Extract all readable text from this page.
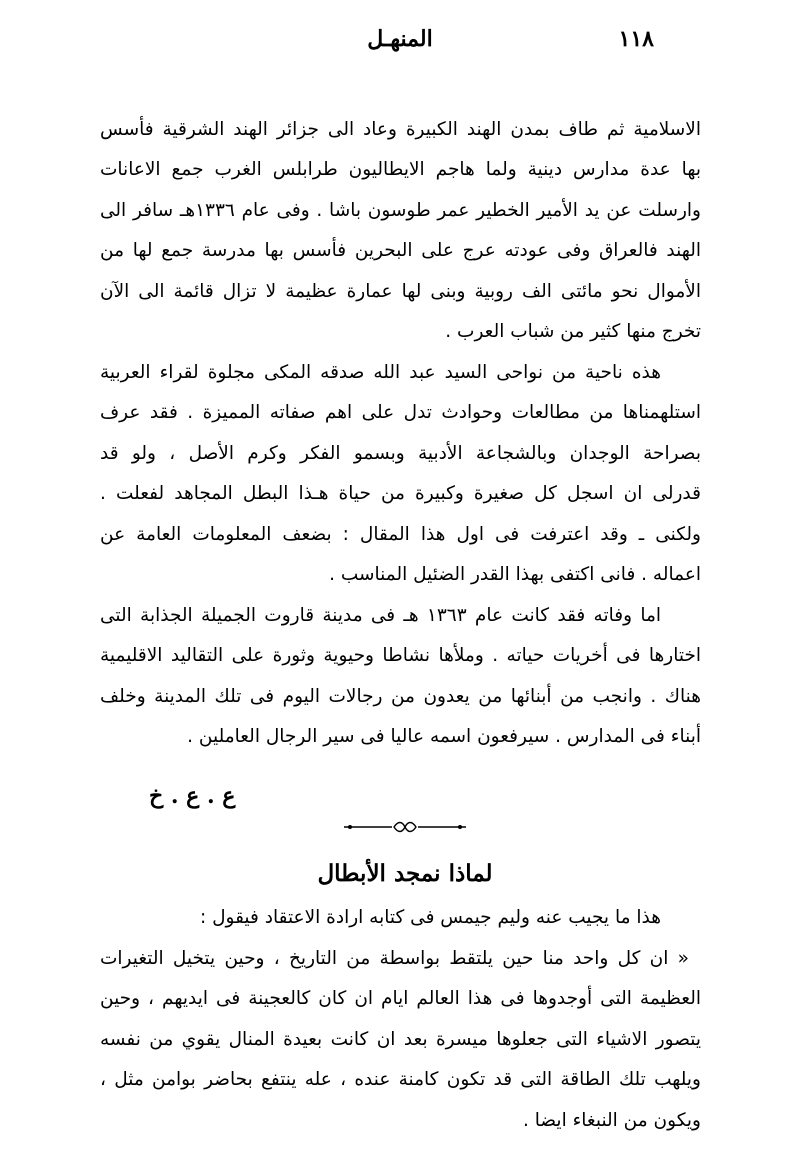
١١٨
المنهـل
الاسلامية ثم طاف بمدن الهند الكبيرة وعاد الى جزائر الهند الشرقية فأسس
بها عدة مدارس دينية ولما هاجم الايطاليون طرابلس الغرب جمع الاعانات
وارسلت عن يد الأمير الخطير عمر طوسون باشا . وفى عام ١٣٣٦هـ سافر الى
الهند فالعراق وفى عودته عرج على البحرين فأسس بها مدرسة جمع لها من
الأموال نحو مائتى الف روبية وبنى لها عمارة عظيمة لا تزال قائمة الى الآن
تخرج منها كثير من شباب العرب .
هذه ناحية من نواحى السيد عبد الله صدقه المكى مجلوة لقراء العربية
استلهمناها من مطالعات وحوادث تدل على اهم صفاته المميزة . فقد عرف
بصراحة الوجدان وبالشجاعة الأدبية وبسمو الفكر وكرم الأصل ، ولو قد
قدرلى ان اسجل كل صغيرة وكبيرة من حياة هـذا البطل المجاهد لفعلت .
ولكنى ـ وقد اعترفت فى اول هذا المقال : بضعف المعلومات العامة عن
اعماله . فانى اكتفى بهذا القدر الضئيل المناسب .
اما وفاته فقد كانت عام ١٣٦٣ هـ فى مدينة قاروت الجميلة الجذابة التى
اختارها فى أخريات حياته . وملأها نشاطا وحيوية وثورة على التقاليد الاقليمية
هناك . وانجب من أبنائها من يعدون من رجالات اليوم فى تلك المدينة وخلف
أبناء فى المدارس . سيرفعون اسمه عاليا فى سير الرجال العاملين .
ع . ع . خ
لماذا نمجد الأبطال
هذا ما يجيب عنه وليم جيمس فى كتابه ارادة الاعتقاد فيقول :
« ان كل واحد منا حين يلتقط بواسطة من التاريخ ، وحين يتخيل التغيرات
العظيمة التى أوجدوها فى هذا العالم ايام ان كان كالعجينة فى ايديهم ، وحين
يتصور الاشياء التى جعلوها ميسرة بعد ان كانت بعيدة المنال يقوي من نفسه
ويلهب تلك الطاقة التى قد تكون كامنة عنده ، عله ينتفع بحاضر بوامن مثل ،
ويكون من النبغاء ايضا .
